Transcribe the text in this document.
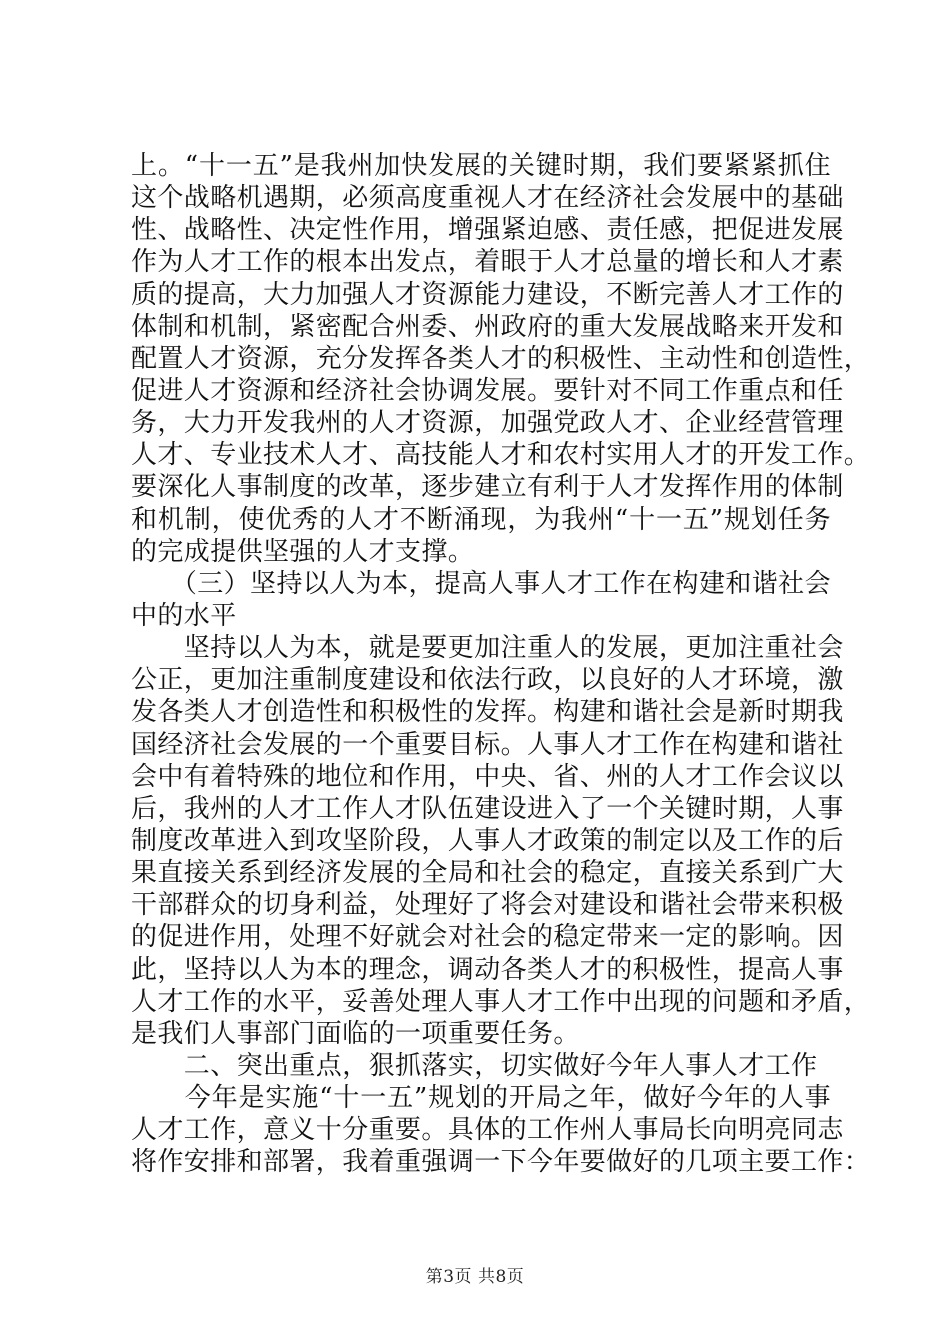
上。“十一五”是我州加快发展的关键时期，我们要紧紧抓住
这个战略机遇期，必须高度重视人才在经济社会发展中的基础
性、战略性、决定性作用，增强紧迫感、责任感，把促进发展
作为人才工作的根本出发点，着眼于人才总量的增长和人才素
质的提高，大力加强人才资源能力建设，不断完善人才工作的
体制和机制，紧密配合州委、州政府的重大发展战略来开发和
配置人才资源，充分发挥各类人才的积极性、主动性和创造性，
促进人才资源和经济社会协调发展。要针对不同工作重点和任
务，大力开发我州的人才资源，加强党政人才、企业经营管理
人才、专业技术人才、高技能人才和农村实用人才的开发工作。
要深化人事制度的改革，逐步建立有利于人才发挥作用的体制
和机制，使优秀的人才不断涌现，为我州“十一五”规划任务
的完成提供坚强的人才支撑。
　　（三）坚持以人为本，提高人事人才工作在构建和谐社会
中的水平
　　坚持以人为本，就是要更加注重人的发展，更加注重社会
公正，更加注重制度建设和依法行政，以良好的人才环境，激
发各类人才创造性和积极性的发挥。构建和谐社会是新时期我
国经济社会发展的一个重要目标。人事人才工作在构建和谐社
会中有着特殊的地位和作用，中央、省、州的人才工作会议以
后，我州的人才工作人才队伍建设进入了一个关键时期，人事
制度改革进入到攻坚阶段，人事人才政策的制定以及工作的后
果直接关系到经济发展的全局和社会的稳定，直接关系到广大
干部群众的切身利益，处理好了将会对建设和谐社会带来积极
的促进作用，处理不好就会对社会的稳定带来一定的影响。因
此，坚持以人为本的理念，调动各类人才的积极性，提高人事
人才工作的水平，妥善处理人事人才工作中出现的问题和矛盾，
是我们人事部门面临的一项重要任务。
　　二、突出重点，狠抓落实，切实做好今年人事人才工作
　　今年是实施“十一五”规划的开局之年，做好今年的人事
人才工作，意义十分重要。具体的工作州人事局长向明亮同志
将作安排和部署，我着重强调一下今年要做好的几项主要工作：
第3页 共8页
